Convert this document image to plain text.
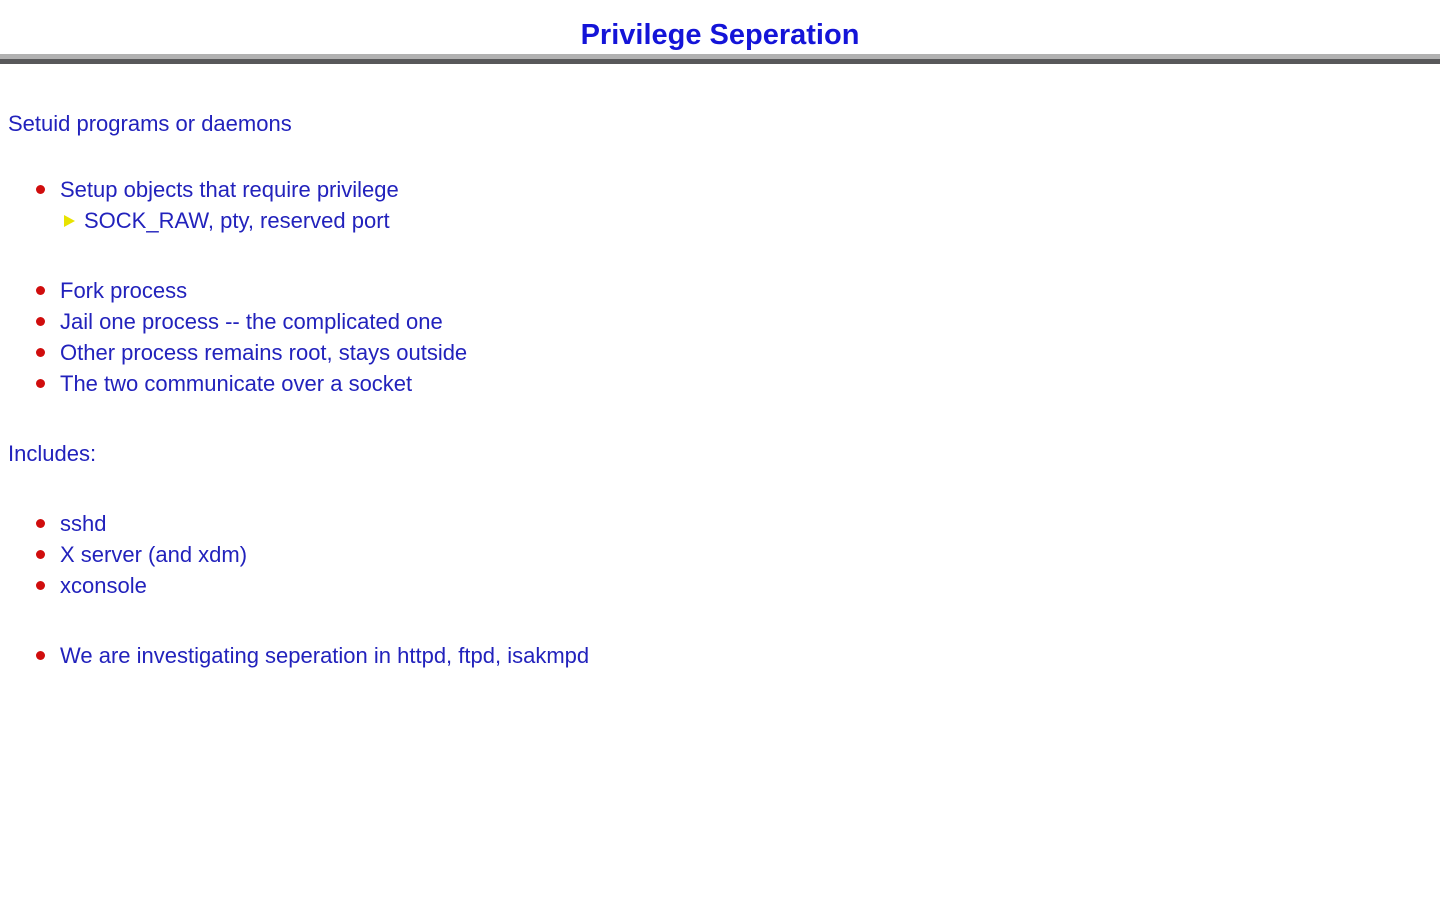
Privilege Seperation
Setuid programs or daemons
Setup objects that require privilege
SOCK_RAW, pty, reserved port
Fork process
Jail one process -- the complicated one
Other process remains root, stays outside
The two communicate over a socket
Includes:
sshd
X server (and xdm)
xconsole
We are investigating seperation in httpd, ftpd, isakmpd
